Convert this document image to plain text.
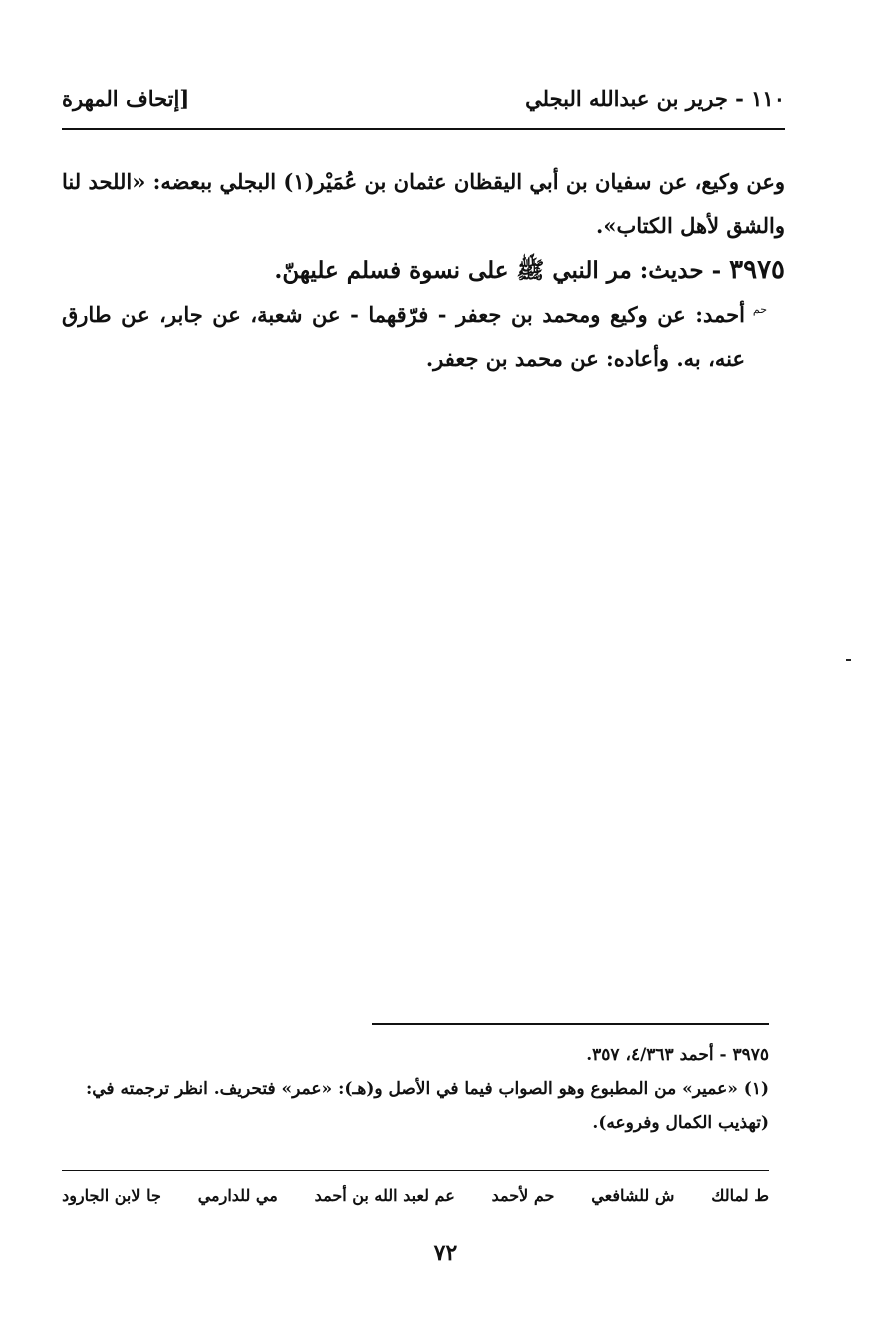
١١٠ - جرير بن عبدالله البجلي
[إتحاف المهرة

وعن وكيع، عن سفيان بن أبي اليقظان عثمان بن عُمَيْر(١) البجلي ببعضه: «اللحد لنا والشق لأهل الكتاب».

٣٩٧٥ - حديث: مر النبي ﷺ على نسوة فسلم عليهنّ.

حم

أحمد: عن وكيع ومحمد بن جعفر - فرّقهما - عن شعبة، عن جابر، عن طارق عنه، به. وأعاده: عن محمد بن جعفر.

٣٩٧٥ - أحمد ٤/٣٦٣، ٣٥٧.

(١) «عمير» من المطبوع وهو الصواب فيما في الأصل و(هـ): «عمر» فتحريف. انظر ترجمته في: (تهذيب الكمال وفروعه).

ط لمالك
ش للشافعي
حم لأحمد
عم لعبد الله بن أحمد
مي للدارمي
جا لابن الجارود
٧٢
